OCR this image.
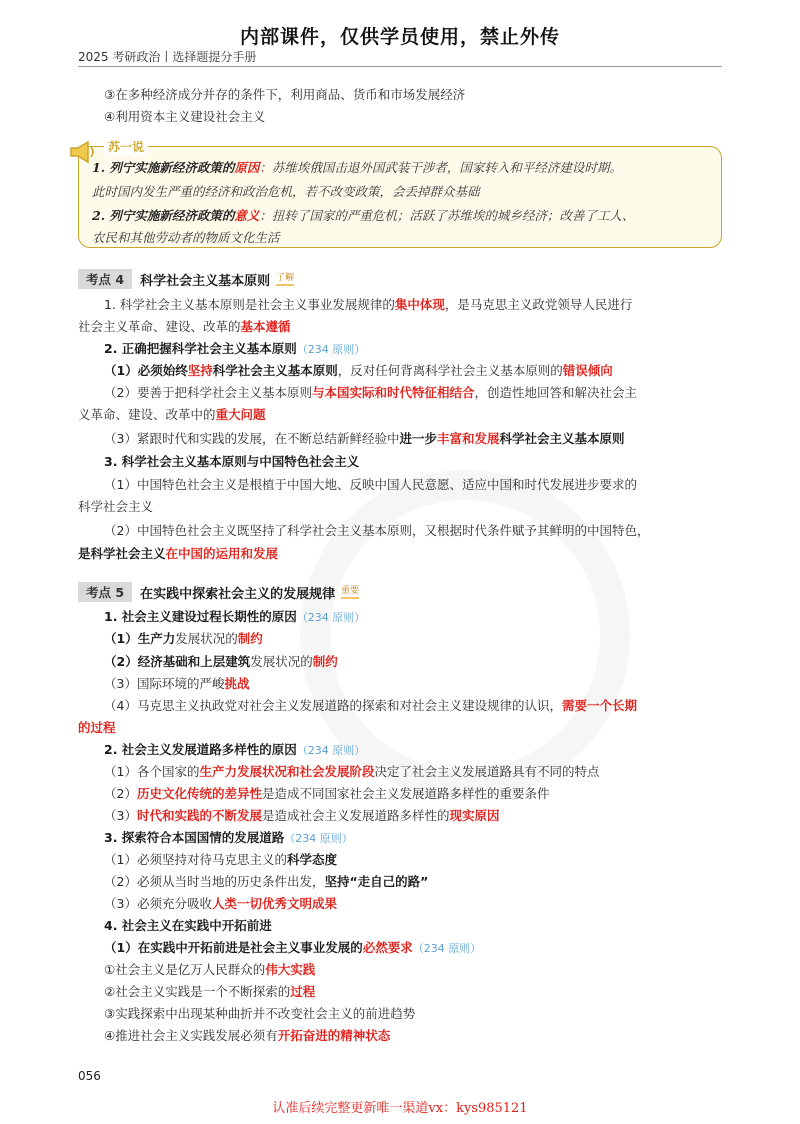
内部课件，仅供学员使用，禁止外传
2025 考研政治丨选择题提分手册
③在多种经济成分并存的条件下，利用商品、货币和市场发展经济
④利用资本主义建设社会主义
苏一说
1. 列宁实施新经济政策的原因：苏维埃俄国击退外国武装干涉者，国家转入和平经济建设时期。
此时国内发生严重的经济和政治危机，若不改变政策，会丢掉群众基础
2. 列宁实施新经济政策的意义：扭转了国家的严重危机；活跃了苏维埃的城乡经济；改善了工人、
农民和其他劳动者的物质文化生活
考点 4	科学社会主义基本原则 了解
1. 科学社会主义基本原则是社会主义事业发展规律的集中体现，是马克思主义政党领导人民进行
社会主义革命、建设、改革的基本遵循
2. 正确把握科学社会主义基本原则（234 原则）
（1）必须始终坚持科学社会主义基本原则，反对任何背离科学社会主义基本原则的错误倾向
（2）要善于把科学社会主义基本原则与本国实际和时代特征相结合，创造性地回答和解决社会主
义革命、建设、改革中的重大问题
（3）紧跟时代和实践的发展，在不断总结新鲜经验中进一步丰富和发展科学社会主义基本原则
3. 科学社会主义基本原则与中国特色社会主义
（1）中国特色社会主义是根植于中国大地、反映中国人民意愿、适应中国和时代发展进步要求的
科学社会主义
（2）中国特色社会主义既坚持了科学社会主义基本原则，又根据时代条件赋予其鲜明的中国特色，
是科学社会主义在中国的运用和发展
考点 5	在实践中探索社会主义的发展规律 重要
1. 社会主义建设过程长期性的原因（234 原则）
（1）生产力发展状况的制约
（2）经济基础和上层建筑发展状况的制约
（3）国际环境的严峻挑战
（4）马克思主义执政党对社会主义发展道路的探索和对社会主义建设规律的认识，需要一个长期
的过程
2. 社会主义发展道路多样性的原因（234 原则）
（1）各个国家的生产力发展状况和社会发展阶段决定了社会主义发展道路具有不同的特点
（2）历史文化传统的差异性是造成不同国家社会主义发展道路多样性的重要条件
（3）时代和实践的不断发展是造成社会主义发展道路多样性的现实原因
3. 探索符合本国国情的发展道路（234 原则）
（1）必须坚持对待马克思主义的科学态度
（2）必须从当时当地的历史条件出发，坚持“走自己的路”
（3）必须充分吸收人类一切优秀文明成果
4. 社会主义在实践中开拓前进
（1）在实践中开拓前进是社会主义事业发展的必然要求（234 原则）
①社会主义是亿万人民群众的伟大实践
②社会主义实践是一个不断探索的过程
③实践探索中出现某种曲折并不改变社会主义的前进趋势
④推进社会主义实践发展必须有开拓奋进的精神状态
056
认准后续完整更新唯一渠道vx：kys985121
